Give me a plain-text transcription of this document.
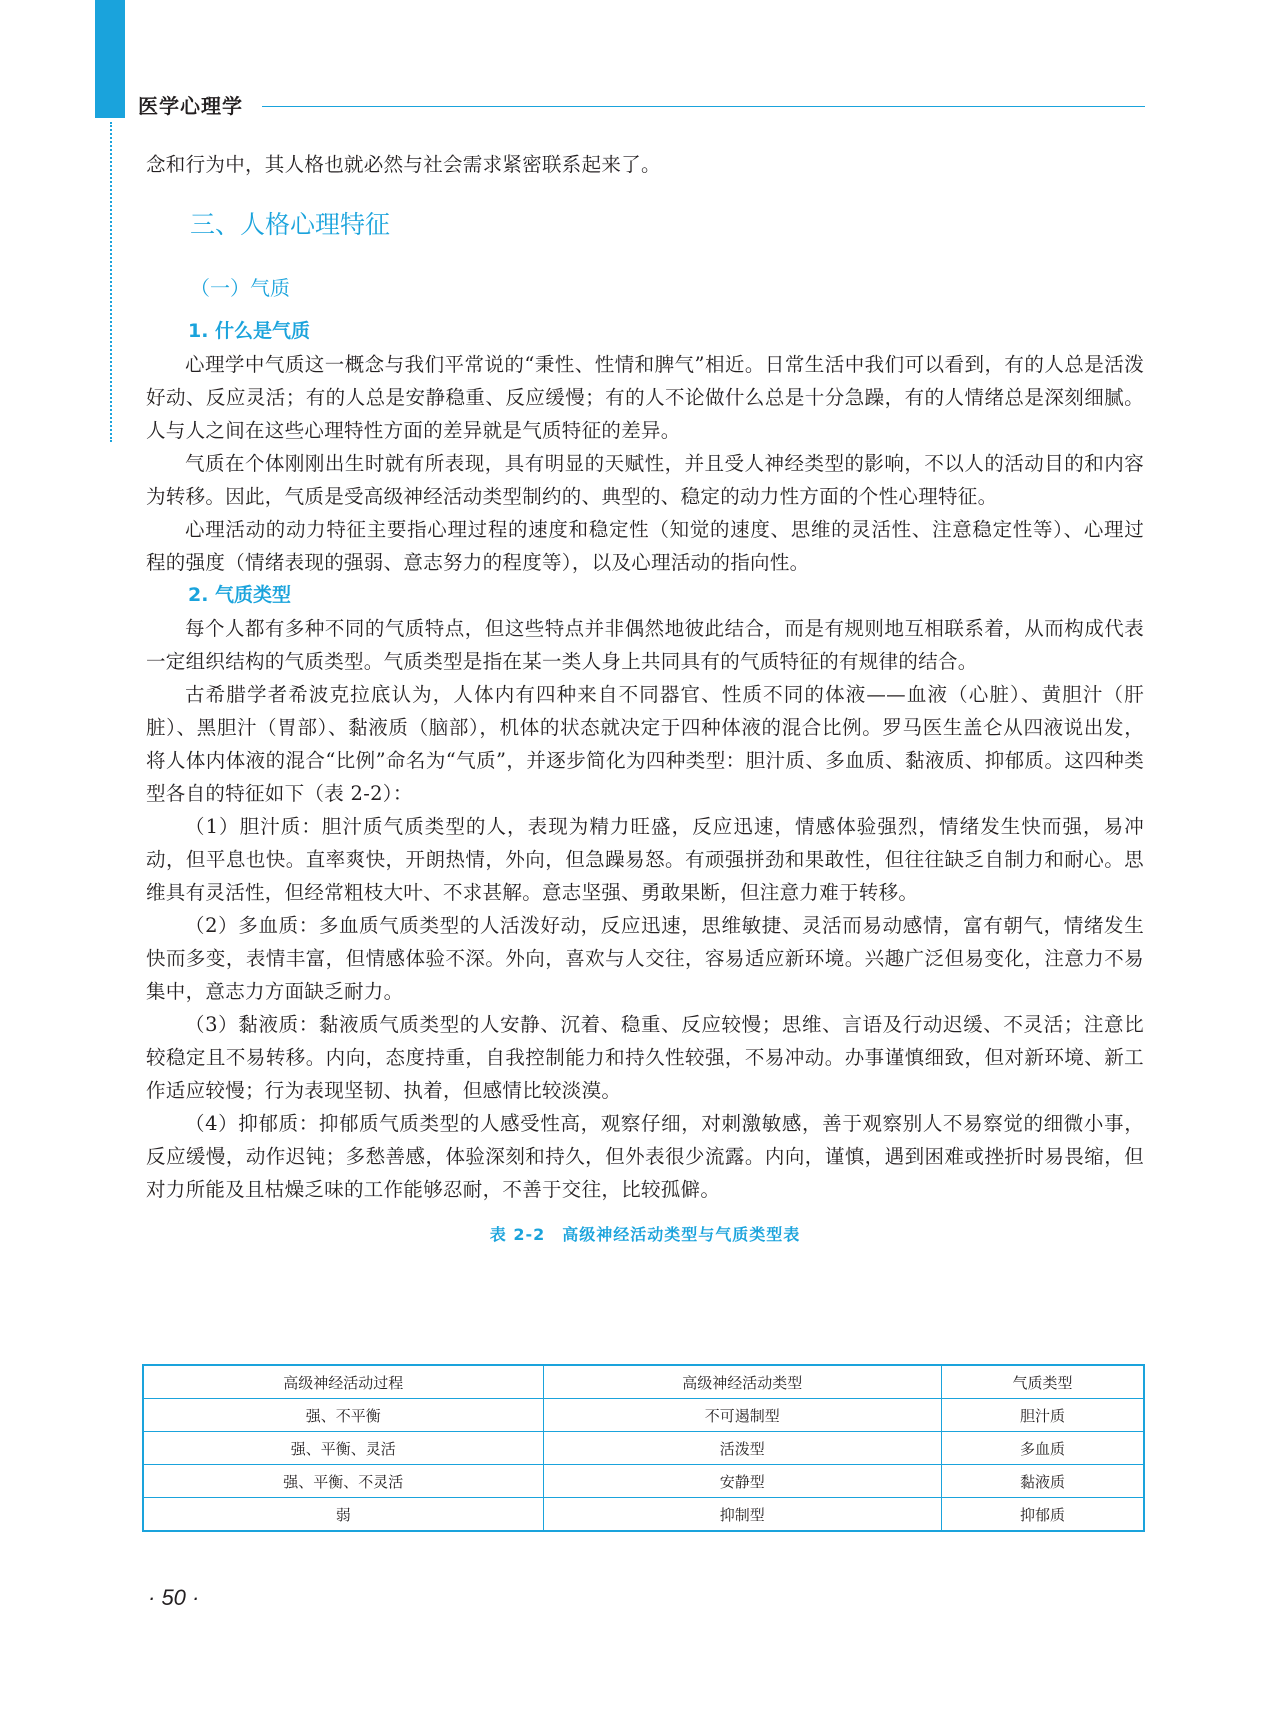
医学心理学

念和行为中，其人格也就必然与社会需求紧密联系起来了。

三、人格心理特征
（一）气质
1. 什么是气质

心理学中气质这一概念与我们平常说的“秉性、性情和脾气”相近。日常生活中我们可以看到，有的人总是活泼好动、反应灵活；有的人总是安静稳重、反应缓慢；有的人不论做什么总是十分急躁，有的人情绪总是深刻细腻。人与人之间在这些心理特性方面的差异就是气质特征的差异。

气质在个体刚刚出生时就有所表现，具有明显的天赋性，并且受人神经类型的影响，不以人的活动目的和内容为转移。因此，气质是受高级神经活动类型制约的、典型的、稳定的动力性方面的个性心理特征。

心理活动的动力特征主要指心理过程的速度和稳定性（知觉的速度、思维的灵活性、注意稳定性等）、心理过程的强度（情绪表现的强弱、意志努力的程度等），以及心理活动的指向性。

2. 气质类型

每个人都有多种不同的气质特点，但这些特点并非偶然地彼此结合，而是有规则地互相联系着，从而构成代表一定组织结构的气质类型。气质类型是指在某一类人身上共同具有的气质特征的有规律的结合。

古希腊学者希波克拉底认为，人体内有四种来自不同器官、性质不同的体液——血液（心脏）、黄胆汁（肝脏）、黑胆汁（胃部）、黏液质（脑部），机体的状态就决定于四种体液的混合比例。罗马医生盖仑从四液说出发，将人体内体液的混合“比例”命名为“气质”，并逐步简化为四种类型：胆汁质、多血质、黏液质、抑郁质。这四种类型各自的特征如下（表 2-2）：

（1）胆汁质：胆汁质气质类型的人，表现为精力旺盛，反应迅速，情感体验强烈，情绪发生快而强，易冲动，但平息也快。直率爽快，开朗热情，外向，但急躁易怒。有顽强拼劲和果敢性，但往往缺乏自制力和耐心。思维具有灵活性，但经常粗枝大叶、不求甚解。意志坚强、勇敢果断，但注意力难于转移。

（2）多血质：多血质气质类型的人活泼好动，反应迅速，思维敏捷、灵活而易动感情，富有朝气，情绪发生快而多变，表情丰富，但情感体验不深。外向，喜欢与人交往，容易适应新环境。兴趣广泛但易变化，注意力不易集中，意志力方面缺乏耐力。

（3）黏液质：黏液质气质类型的人安静、沉着、稳重、反应较慢；思维、言语及行动迟缓、不灵活；注意比较稳定且不易转移。内向，态度持重，自我控制能力和持久性较强，不易冲动。办事谨慎细致，但对新环境、新工作适应较慢；行为表现坚韧、执着，但感情比较淡漠。

（4）抑郁质：抑郁质气质类型的人感受性高，观察仔细，对刺激敏感，善于观察别人不易察觉的细微小事，反应缓慢，动作迟钝；多愁善感，体验深刻和持久，但外表很少流露。内向，谨慎，遇到困难或挫折时易畏缩，但对力所能及且枯燥乏味的工作能够忍耐，不善于交往，比较孤僻。

表 2-2　高级神经活动类型与气质类型表
高级神经活动过程	高级神经活动类型	气质类型
强、不平衡	不可遏制型	胆汁质
强、平衡、灵活	活泼型	多血质
强、平衡、不灵活	安静型	黏液质
弱	抑制型	抑郁质
· 50 ·
